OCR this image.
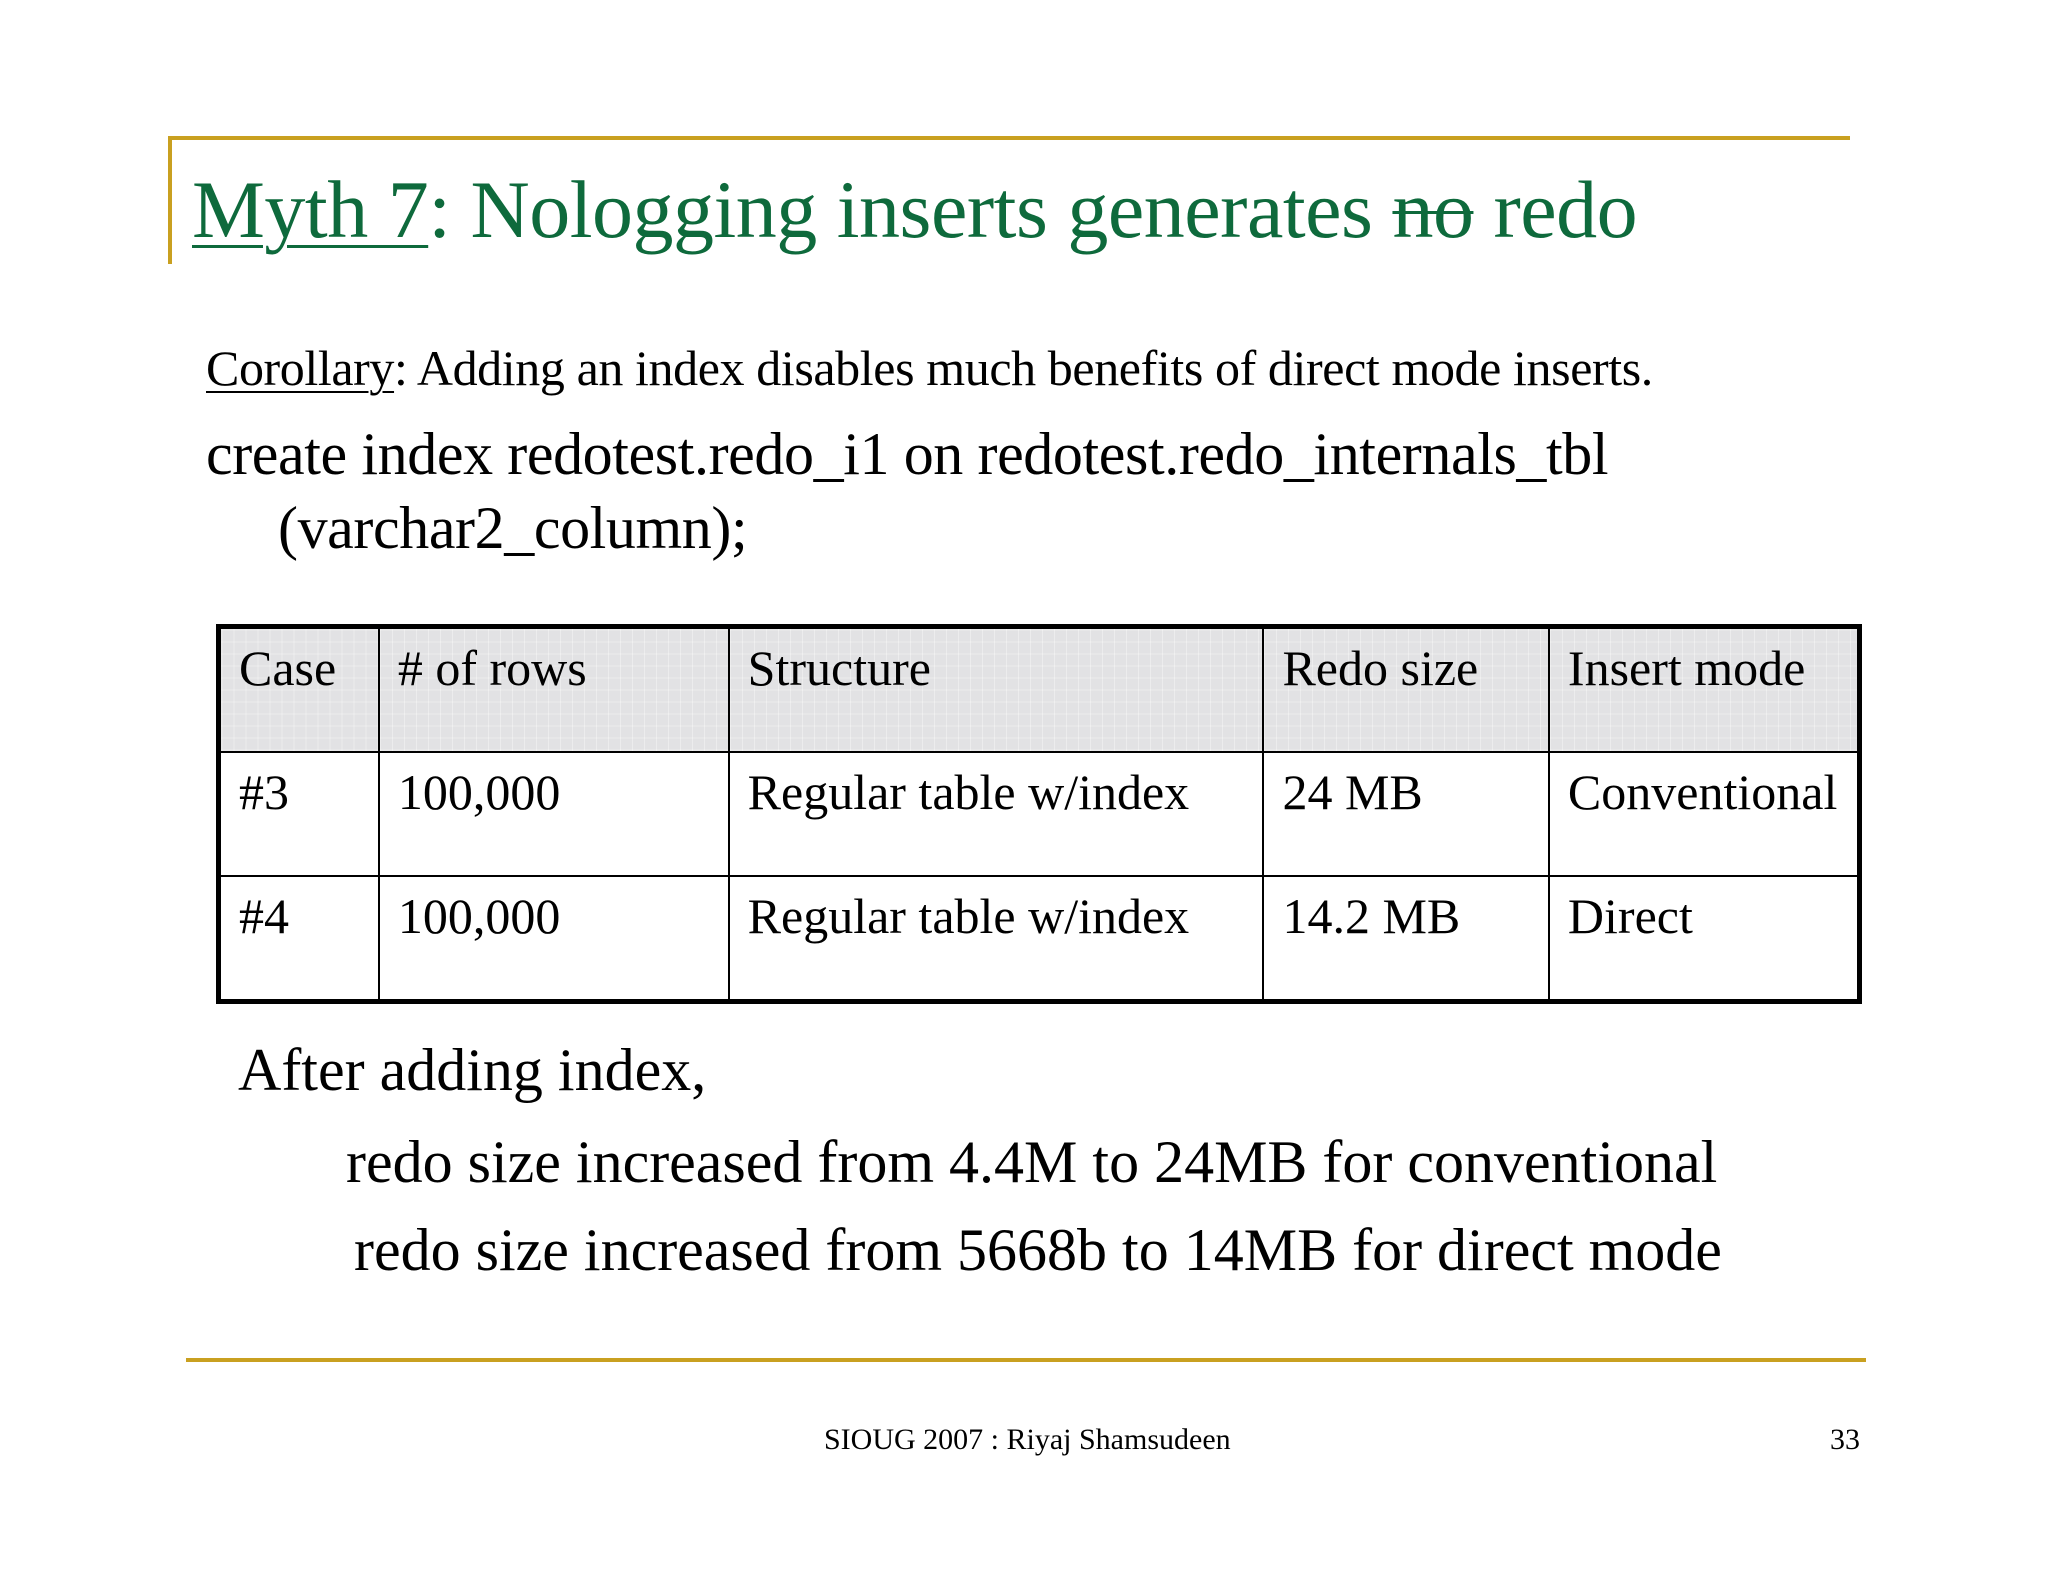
Myth 7: Nologging inserts generates no redo
Corollary: Adding an index disables much benefits of direct mode inserts.
create index redotest.redo_i1 on redotest.redo_internals_tbl
(varchar2_column);
Case	# of rows	Structure	Redo size	Insert mode
#3	100,000	Regular table w/index	24 MB	Conventional
#4	100,000	Regular table w/index	14.2 MB	Direct
After adding index,
redo size increased from 4.4M to 24MB for conventional
redo size increased from 5668b to 14MB for direct mode
SIOUG 2007 : Riyaj Shamsudeen	33
